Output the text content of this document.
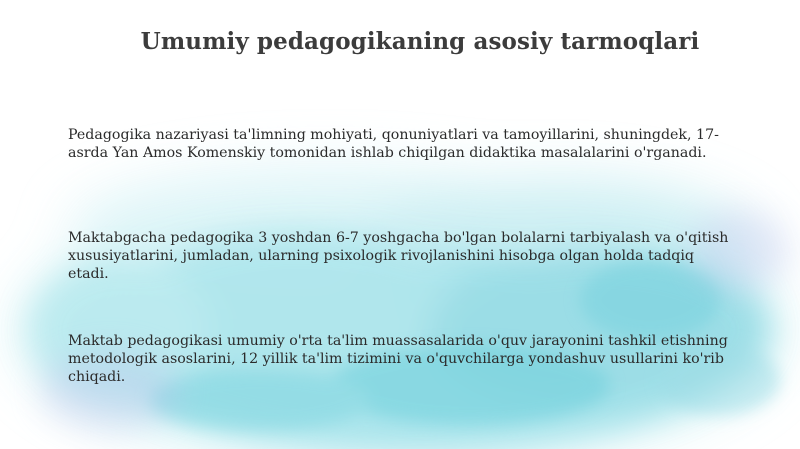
Umumiy pedagogikaning asosiy tarmoqlari

Pedagogika nazariyasi ta'limning mohiyati, qonuniyatlari va tamoyillarini, shuningdek, 17-asrda Yan Amos Komenskiy tomonidan ishlab chiqilgan didaktika masalalarini o'rganadi.

Maktabgacha pedagogika 3 yoshdan 6-7 yoshgacha bo'lgan bolalarni tarbiyalash va o'qitish xususiyatlarini, jumladan, ularning psixologik rivojlanishini hisobga olgan holda tadqiq etadi.

Maktab pedagogikasi umumiy o'rta ta'lim muassasalarida o'quv jarayonini tashkil etishning metodologik asoslarini, 12 yillik ta'lim tizimini va o'quvchilarga yondashuv usullarini ko'rib chiqadi.
